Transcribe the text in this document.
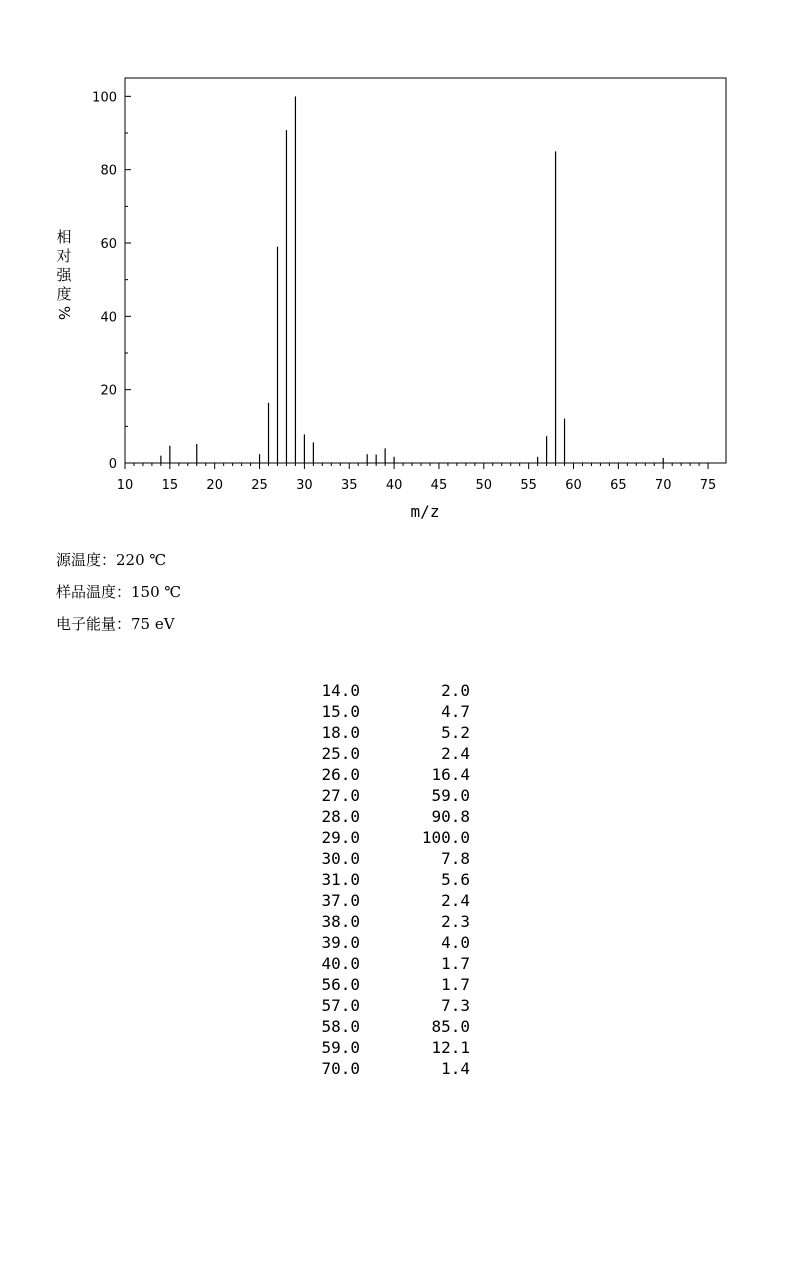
0
20
40
60
80
100
10 15 20 25 30 35 40 45 50 55 60 65 70 75
m/z
相
对
强
度
%
源温度：220 ℃
样品温度：150 ℃
电子能量：75 eV
14.0	2.0
15.0	4.7
18.0	5.2
25.0	2.4
26.0	16.4
27.0	59.0
28.0	90.8
29.0	100.0
30.0	7.8
31.0	5.6
37.0	2.4
38.0	2.3
39.0	4.0
40.0	1.7
56.0	1.7
57.0	7.3
58.0	85.0
59.0	12.1
70.0	1.4
